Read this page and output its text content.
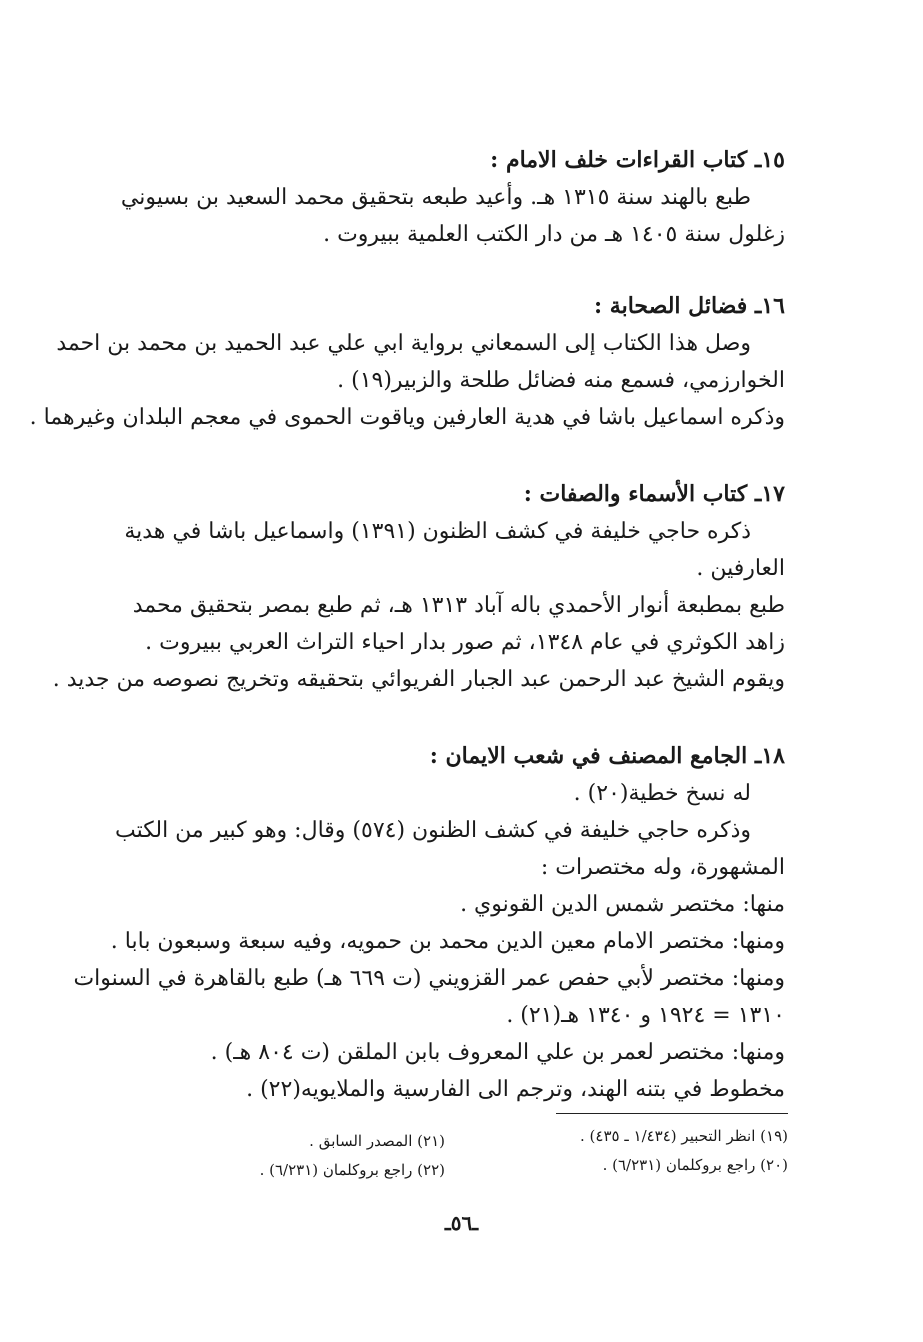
١٥ـ كتاب القراءات خلف الامام :
طبع بالهند سنة ١٣١٥ هـ. وأعيد طبعه بتحقيق محمد السعيد بن بسيوني
زغلول سنة ١٤٠٥ هـ من دار الكتب العلمية ببيروت .
١٦ـ فضائل الصحابة :
وصل هذا الكتاب إلى السمعاني برواية ابي علي عبد الحميد بن محمد بن احمد
الخوارزمي، فسمع منه فضائل طلحة والزبير(١٩) .
وذكره اسماعيل باشا في هدية العارفين وياقوت الحموى في معجم البلدان وغيرهما .
١٧ـ كتاب الأسماء والصفات :
ذكره حاجي خليفة في كشف الظنون (١٣٩١) واسماعيل باشا في هدية
العارفين .
طبع بمطبعة أنوار الأحمدي باله آباد ١٣١٣ هـ، ثم طبع بمصر بتحقيق محمد
زاهد الكوثري في عام ١٣٤٨، ثم صور بدار احياء التراث العربي ببيروت .
ويقوم الشيخ عبد الرحمن عبد الجبار الفريوائي بتحقيقه وتخريج نصوصه من جديد .
١٨ـ الجامع المصنف في شعب الايمان :
له نسخ خطية(٢٠) .
وذكره حاجي خليفة في كشف الظنون (٥٧٤) وقال: وهو كبير من الكتب
المشهورة، وله مختصرات :
منها: مختصر شمس الدين القونوي .
ومنها: مختصر الامام معين الدين محمد بن حمويه، وفيه سبعة وسبعون بابا .
ومنها: مختصر لأبي حفص عمر القزويني (ت ٦٦٩ هـ) طبع بالقاهرة في السنوات
١٣١٠ = ١٩٢٤ و ١٣٤٠ هـ(٢١) .
ومنها: مختصر لعمر بن علي المعروف بابن الملقن (ت ٨٠٤ هـ) .
مخطوط في بتنه الهند، وترجم الى الفارسية والملايويه(٢٢) .
(١٩) انظر التحبير (١/٤٣٤ ـ ٤٣٥) .
(٢١) المصدر السابق .
(٢٠) راجع بروكلمان (٦/٢٣١) .
(٢٢) راجع بروكلمان (٦/٢٣١) .
ـ٥٦ـ
